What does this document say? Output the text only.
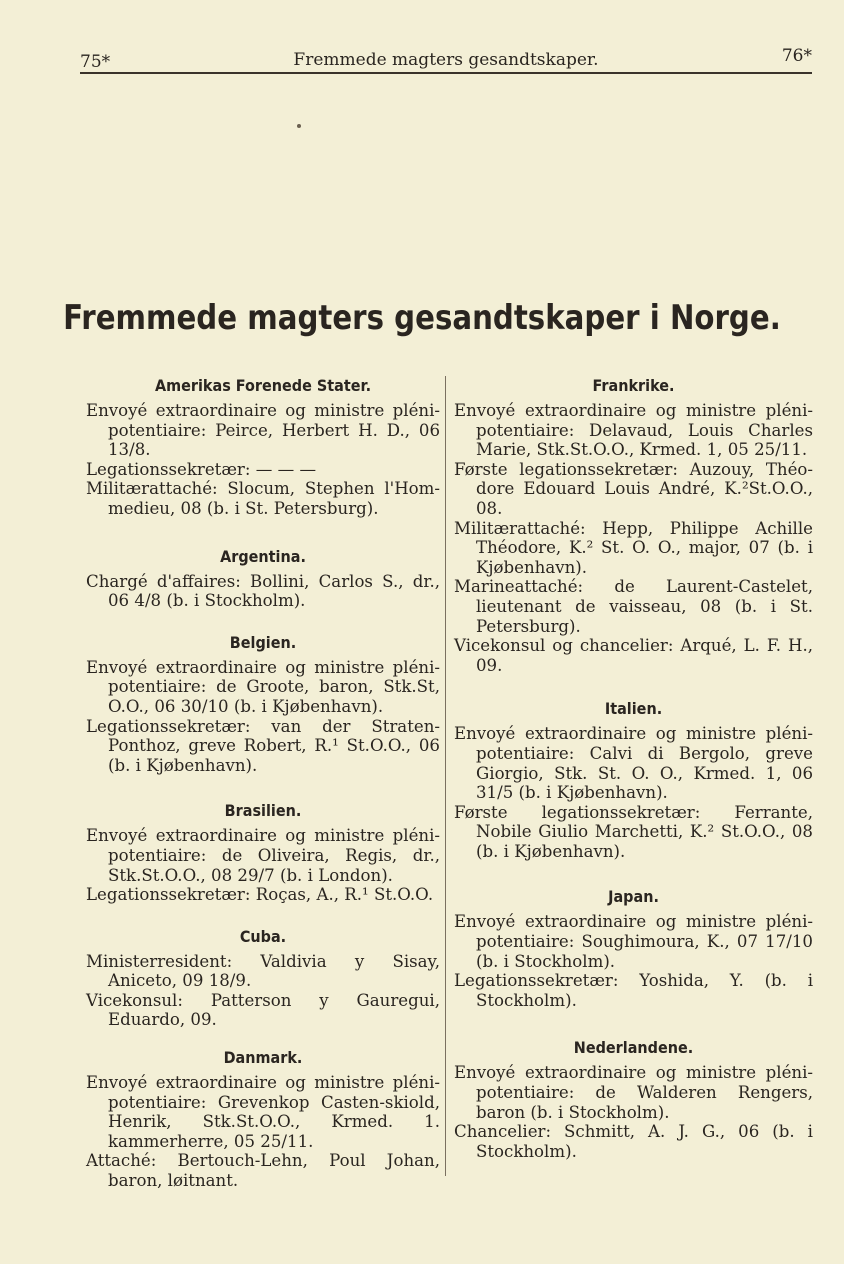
75*	Fremmede magters gesandtskaper.	76*
Fremmede magters gesandtskaper i Norge.
Amerikas Forenede Stater.

Envoyé extraordinaire og ministre pléni-potentiaire: Peirce, Herbert H. D., 06 13/8.

Legationssekretær: — — —

Militærattaché: Slocum, Stephen l'Hom-medieu, 08 (b. i St. Petersburg).

Argentina.

Chargé d'affaires: Bollini, Carlos S., dr., 06 4/8 (b. i Stockholm).

Belgien.

Envoyé extraordinaire og ministre pléni-potentiaire: de Groote, baron, Stk.St, O.O., 06 30/10 (b. i Kjøbenhavn).

Legationssekretær: van der Straten-Ponthoz, greve Robert, R.¹ St.O.O., 06 (b. i Kjøbenhavn).

Brasilien.

Envoyé extraordinaire og ministre pléni-potentiaire: de Oliveira, Regis, dr., Stk.St.O.O., 08 29/7 (b. i London).

Legationssekretær: Roças, A., R.¹ St.O.O.

Cuba.

Ministerresident: Valdivia y Sisay, Aniceto, 09 18/9.

Vicekonsul: Patterson y Gauregui, Eduardo, 09.

Danmark.

Envoyé extraordinaire og ministre pléni-potentiaire: Grevenkop Casten-skiold, Henrik, Stk.St.O.O., Krmed. 1. kammerherre, 05 25/11.

Attaché: Bertouch-Lehn, Poul Johan, baron, løitnant.

Frankrike.

Envoyé extraordinaire og ministre pléni-potentiaire: Delavaud, Louis Charles Marie, Stk.St.O.O., Krmed. 1, 05 25/11.

Første legationssekretær: Auzouy, Théo-dore Edouard Louis André, K.²St.O.O., 08.

Militærattaché: Hepp, Philippe Achille Théodore, K.² St. O. O., major, 07 (b. i Kjøbenhavn).

Marineattaché: de Laurent-Castelet, lieutenant de vaisseau, 08 (b. i St. Petersburg).

Vicekonsul og chancelier: Arqué, L. F. H., 09.

Italien.

Envoyé extraordinaire og ministre pléni-potentiaire: Calvi di Bergolo, greve Giorgio, Stk. St. O. O., Krmed. 1, 06 31/5 (b. i Kjøbenhavn).

Første legationssekretær: Ferrante, Nobile Giulio Marchetti, K.² St.O.O., 08 (b. i Kjøbenhavn).

Japan.

Envoyé extraordinaire og ministre pléni-potentiaire: Soughimoura, K., 07 17/10 (b. i Stockholm).

Legationssekretær: Yoshida, Y. (b. i Stockholm).

Nederlandene.

Envoyé extraordinaire og ministre pléni-potentiaire: de Walderen Rengers, baron (b. i Stockholm).

Chancelier: Schmitt, A. J. G., 06 (b. i Stockholm).
